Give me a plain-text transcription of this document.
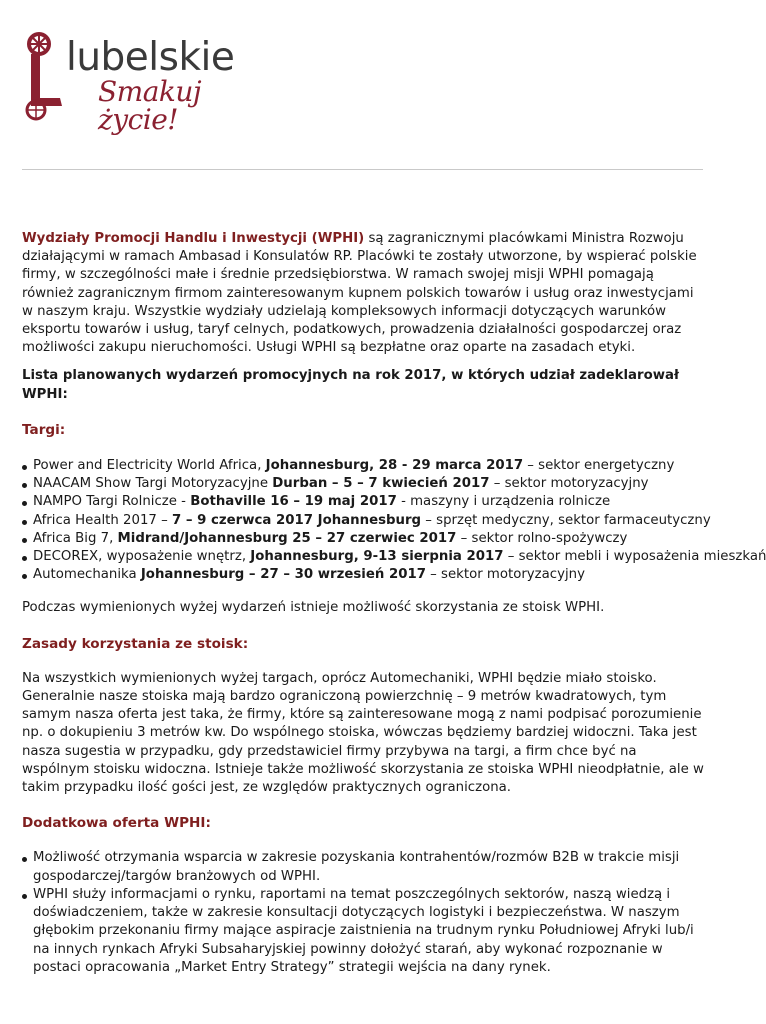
lubelskie
Smakuj życie!

Wydziały Promocji Handlu i Inwestycji (WPHI) są zagranicznymi placówkami Ministra Rozwoju działającymi w ramach Ambasad i Konsulatów RP. Placówki te zostały utworzone, by wspierać polskie firmy, w szczególności małe i średnie przedsiębiorstwa. W ramach swojej misji WPHI pomagają również zagranicznym firmom zainteresowanym kupnem polskich towarów i usług oraz inwestycjami w naszym kraju. Wszystkie wydziały udzielają kompleksowych informacji dotyczących warunków eksportu towarów i usług, taryf celnych, podatkowych, prowadzenia działalności gospodarczej oraz możliwości zakupu nieruchomości. Usługi WPHI są bezpłatne oraz oparte na zasadach etyki.

Lista planowanych wydarzeń promocyjnych na rok 2017, w których udział zadeklarował WPHI:

Targi:

Power and Electricity World Africa, Johannesburg, 28 - 29 marca 2017 – sektor energetyczny
NAACAM Show Targi Motoryzacyjne Durban – 5 – 7 kwiecień 2017 – sektor motoryzacyjny
NAMPO Targi Rolnicze - Bothaville 16 – 19 maj 2017 - maszyny i urządzenia rolnicze
Africa Health 2017 – 7 – 9 czerwca 2017 Johannesburg – sprzęt medyczny, sektor farmaceutyczny
Africa Big 7, Midrand/Johannesburg 25 – 27 czerwiec 2017 – sektor rolno-spożywczy
DECOREX, wyposażenie wnętrz, Johannesburg, 9-13 sierpnia 2017 – sektor mebli i wyposażenia mieszkań
Automechanika Johannesburg – 27 – 30 wrzesień 2017 – sektor motoryzacyjny

Podczas wymienionych wyżej wydarzeń istnieje możliwość skorzystania ze stoisk WPHI.

Zasady korzystania ze stoisk:

Na wszystkich wymienionych wyżej targach, oprócz Automechaniki, WPHI będzie miało stoisko. Generalnie nasze stoiska mają bardzo ograniczoną powierzchnię – 9 metrów kwadratowych, tym samym nasza oferta jest taka, że firmy, które są zainteresowane mogą z nami podpisać porozumienie np. o dokupieniu 3 metrów kw. Do wspólnego stoiska, wówczas będziemy bardziej widoczni. Taka jest nasza sugestia w przypadku, gdy przedstawiciel firmy przybywa na targi, a firm chce być na wspólnym stoisku widoczna. Istnieje także możliwość skorzystania ze stoiska WPHI nieodpłatnie, ale w takim przypadku ilość gości jest, ze względów praktycznych ograniczona.

Dodatkowa oferta WPHI:

Możliwość otrzymania wsparcia w zakresie pozyskania kontrahentów/rozmów B2B w trakcie misji gospodarczej/targów branżowych od WPHI.
WPHI służy informacjami o rynku, raportami na temat poszczególnych sektorów, naszą wiedzą i doświadczeniem, także w zakresie konsultacji dotyczących logistyki i bezpieczeństwa. W naszym głębokim przekonaniu firmy mające aspiracje zaistnienia na trudnym rynku Południowej Afryki lub/i na innych rynkach Afryki Subsaharyjskiej powinny dołożyć starań, aby wykonać rozpoznanie w postaci opracowania „Market Entry Strategy” strategii wejścia na dany rynek.
